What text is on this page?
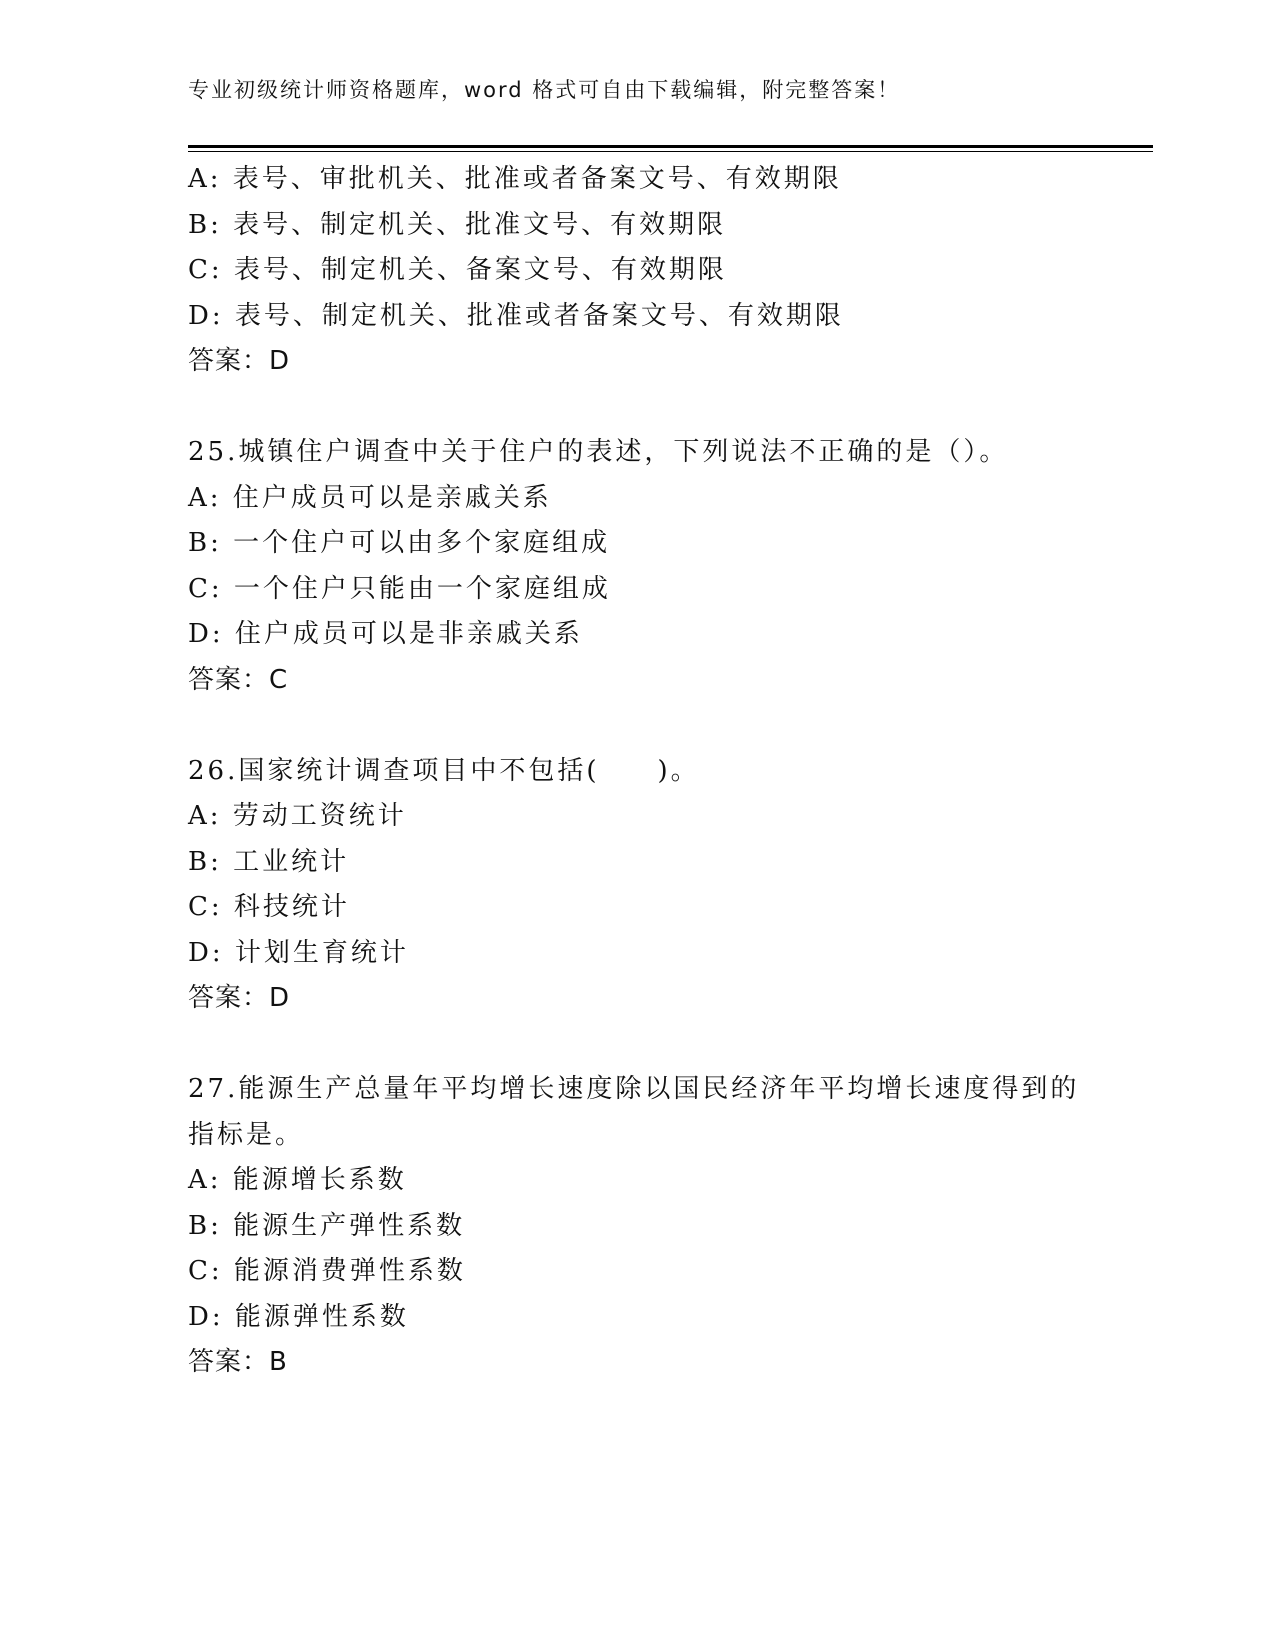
专业初级统计师资格题库，word 格式可自由下载编辑，附完整答案！
A: 表号、审批机关、批准或者备案文号、有效期限
B: 表号、制定机关、批准文号、有效期限
C: 表号、制定机关、备案文号、有效期限
D: 表号、制定机关、批准或者备案文号、有效期限
答案：D
25.城镇住户调查中关于住户的表述，下列说法不正确的是（）。
A: 住户成员可以是亲戚关系
B: 一个住户可以由多个家庭组成
C: 一个住户只能由一个家庭组成
D: 住户成员可以是非亲戚关系
答案：C
26.国家统计调查项目中不包括(　　)。
A: 劳动工资统计
B: 工业统计
C: 科技统计
D: 计划生育统计
答案：D
27.能源生产总量年平均增长速度除以国民经济年平均增长速度得到的
指标是。
A: 能源增长系数
B: 能源生产弹性系数
C: 能源消费弹性系数
D: 能源弹性系数
答案：B
